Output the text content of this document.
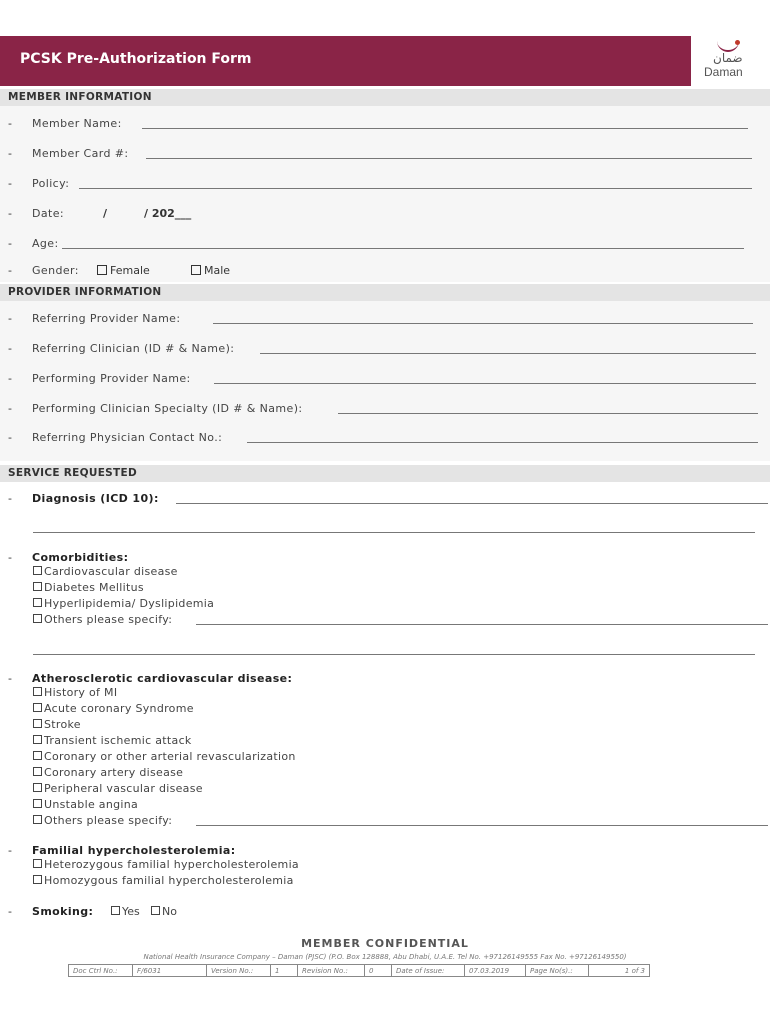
PCSK Pre-Authorization Form	ضمان
Daman
MEMBER INFORMATION
- Member Name:
- Member Card #:
- Policy:
- Date:	/	/ 202___
- Age:
- Gender:	Female	Male
PROVIDER INFORMATION
- Referring Provider Name:
- Referring Clinician (ID # & Name):
- Performing Provider Name:
- Performing Clinician Specialty (ID # & Name):
- Referring Physician Contact No.:
SERVICE REQUESTED
- Diagnosis (ICD 10):
- Comorbidities:
Cardiovascular disease
Diabetes Mellitus
Hyperlipidemia/ Dyslipidemia
Others please specify:
- Atherosclerotic cardiovascular disease:
History of MI
Acute coronary Syndrome
Stroke
Transient ischemic attack
Coronary or other arterial revascularization
Coronary artery disease
Peripheral vascular disease
Unstable angina
Others please specify:
- Familial hypercholesterolemia:
Heterozygous familial hypercholesterolemia
Homozygous familial hypercholesterolemia
- Smoking:	Yes	No
MEMBER CONFIDENTIAL
National Health Insurance Company – Daman (PJSC) (P.O. Box 128888, Abu Dhabi, U.A.E. Tel No. +97126149555 Fax No. +97126149550)
Doc Ctrl No.:	F/6031	Version No.:	1	Revision No.:	0	Date of Issue:	07.03.2019	Page No(s).:	1 of 3
